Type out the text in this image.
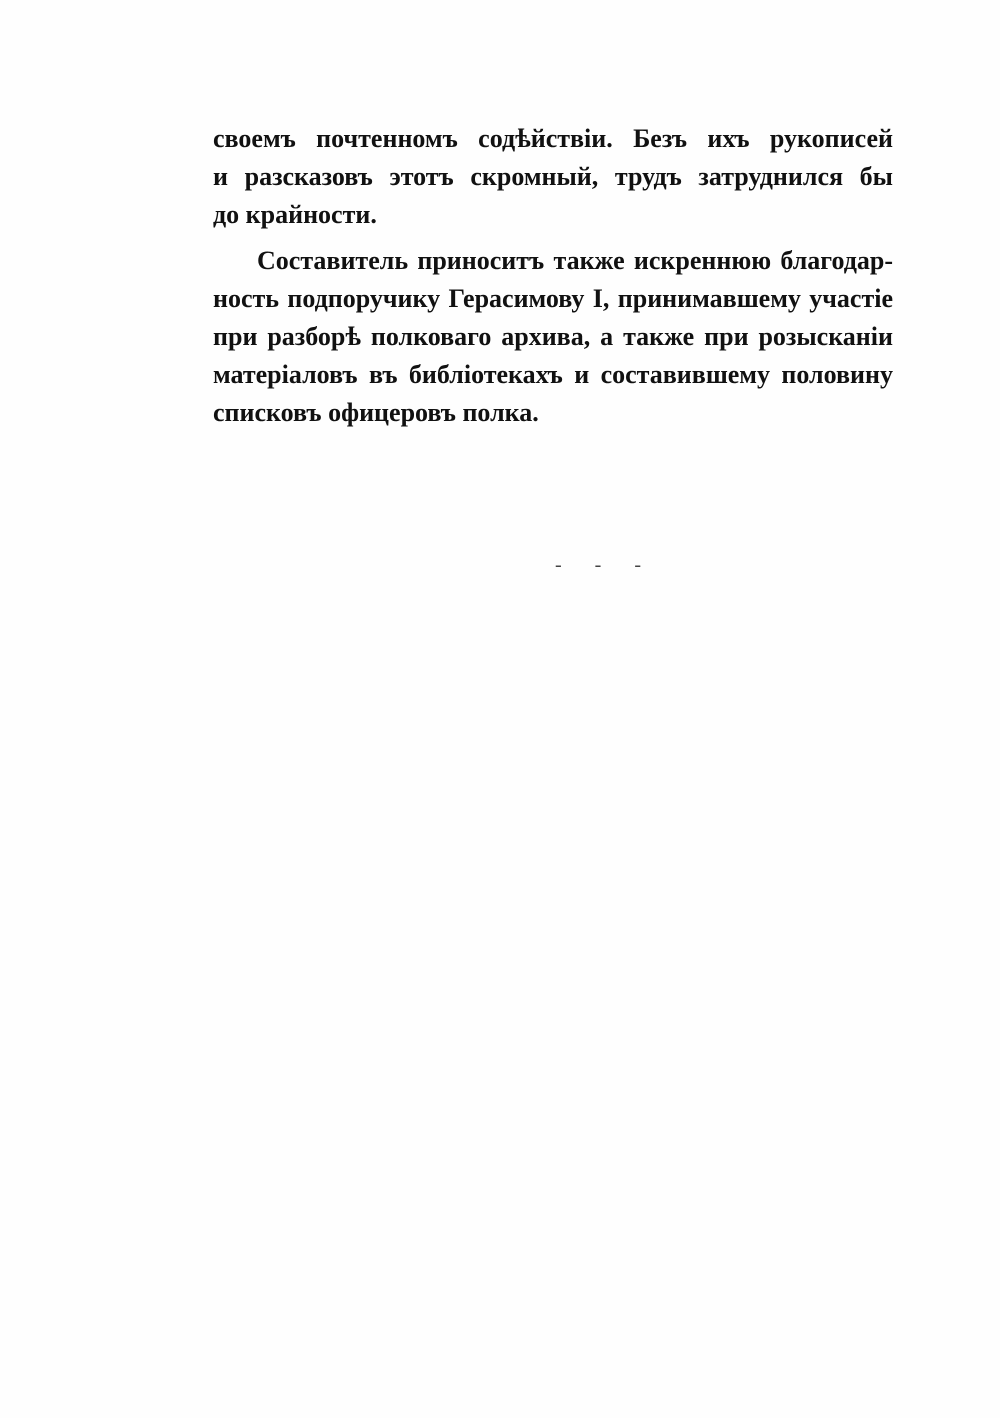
своемъ почтенномъ содѣйствіи. Безъ ихъ рукописей
и разсказовъ этотъ скромный, трудъ затруднился бы
до крайности.
Составитель приноситъ также искреннюю благодар-
ность подпоручику Герасимову I, принимавшему участіе
при разборѣ полковаго архива, а также при розысканіи
матеріаловъ въ библіотекахъ и составившему половину
списковъ офицеровъ полка.
- - -
